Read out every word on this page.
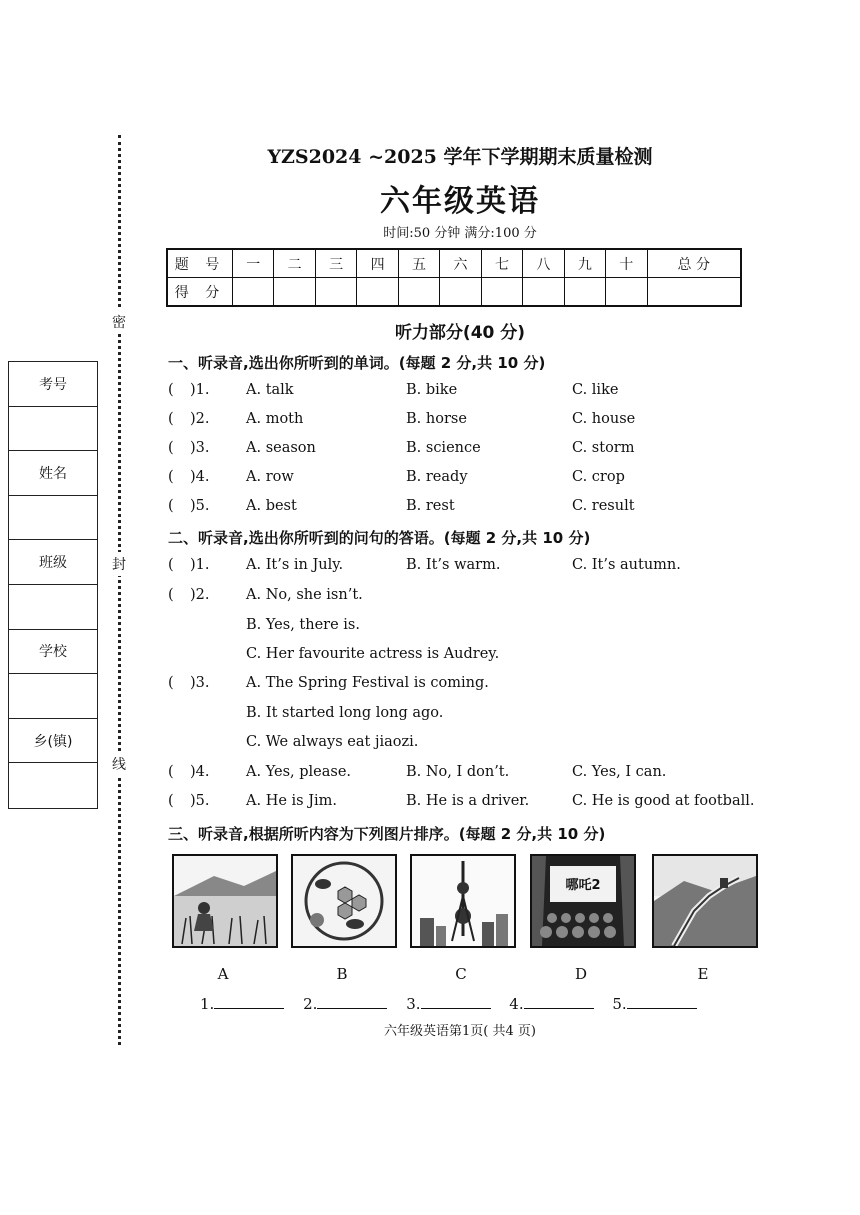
密
封
线
考号
姓名
班级
学校
乡(镇)
YZS2024 ~2025 学年下学期期末质量检测
六年级英语
时间:50 分钟 满分:100 分
题 号	一	二	三	四	五	六	七	八	九	十	总 分
得 分											
听力部分(40 分)
一、听录音,选出你所听到的单词。(每题 2 分,共 10 分)
( )1.	A. talk	B. bike	C. like
( )2.	A. moth	B. horse	C. house
( )3.	A. season	B. science	C. storm
( )4.	A. row	B. ready	C. crop
( )5.	A. best	B. rest	C. result
二、听录音,选出你所听到的问句的答语。(每题 2 分,共 10 分)
( )1.	A. It’s in July.	B. It’s warm.	C. It’s autumn.
( )2.	A. No, she isn’t.
B. Yes, there is.
C. Her favourite actress is Audrey.
( )3.	A. The Spring Festival is coming.
B. It started long long ago.
C. We always eat jiaozi.
( )4.	A. Yes, please.	B. No, I don’t.	C. Yes, I can.
( )5.	A. He is Jim.	B. He is a driver.	C. He is good at football.
三、听录音,根据所听内容为下列图片排序。(每题 2 分,共 10 分)
哪吒2
A	B	C	D	E
1.	2.	3.	4.	5.
六年级英语第1页( 共4 页)
